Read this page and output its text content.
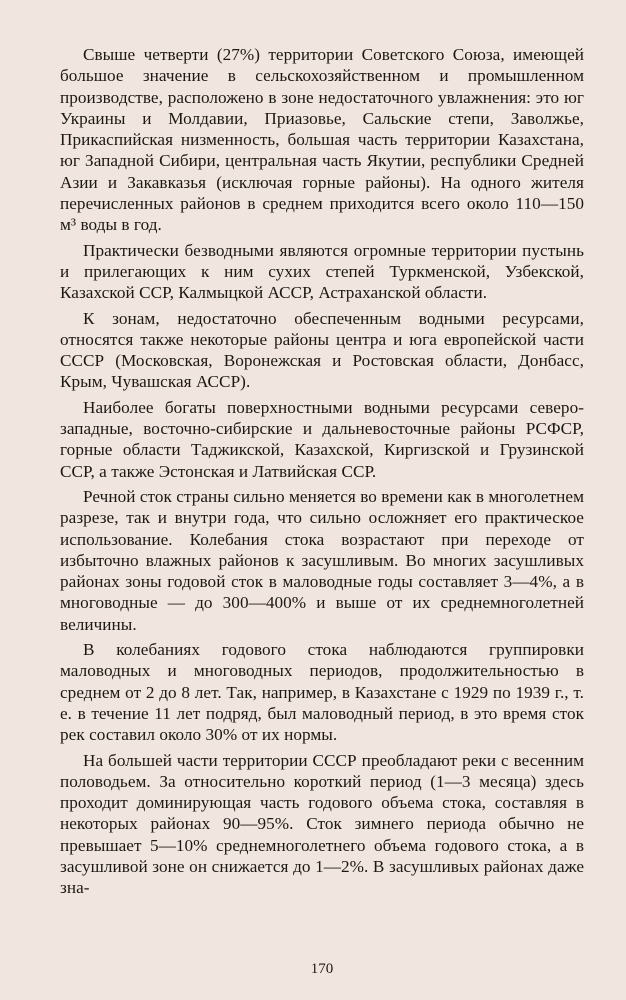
Свыше четверти (27%) территории Советского Союза, имеющей большое значение в сельскохозяйственном и промышленном производстве, расположено в зоне недостаточного увлажнения: это юг Украины и Молдавии, Приазовье, Сальские степи, Заволжье, Прикаспийская низменность, большая часть территории Казахстана, юг Западной Сибири, центральная часть Якутии, республики Средней Азии и Закавказья (исключая горные районы). На одного жителя перечисленных районов в среднем приходится всего около 110—150 м³ воды в год.

Практически безводными являются огромные территории пустынь и прилегающих к ним сухих степей Туркменской, Узбекской, Казахской ССР, Калмыцкой АССР, Астраханской области.

К зонам, недостаточно обеспеченным водными ресурсами, относятся также некоторые районы центра и юга европейской части СССР (Московская, Воронежская и Ростовская области, Донбасс, Крым, Чувашская АССР).

Наиболее богаты поверхностными водными ресурсами северо-западные, восточно-сибирские и дальневосточные районы РСФСР, горные области Таджикской, Казахской, Киргизской и Грузинской ССР, а также Эстонская и Латвийская ССР.

Речной сток страны сильно меняется во времени как в многолетнем разрезе, так и внутри года, что сильно осложняет его практическое использование. Колебания стока возрастают при переходе от избыточно влажных районов к засушливым. Во многих засушливых районах зоны годовой сток в маловодные годы составляет 3—4%, а в многоводные — до 300—400% и выше от их среднемноголетней величины.

В колебаниях годового стока наблюдаются группировки маловодных и многоводных периодов, продолжительностью в среднем от 2 до 8 лет. Так, например, в Казахстане с 1929 по 1939 г., т. е. в течение 11 лет подряд, был маловодный период, в это время сток рек составил около 30% от их нормы.

На большей части территории СССР преобладают реки с весенним половодьем. За относительно короткий период (1—3 месяца) здесь проходит доминирующая часть годового объема стока, составляя в некоторых районах 90—95%. Сток зимнего периода обычно не превышает 5—10% среднемноголетнего объема годового стока, а в засушливой зоне он снижается до 1—2%. В засушливых районах даже зна-

170
